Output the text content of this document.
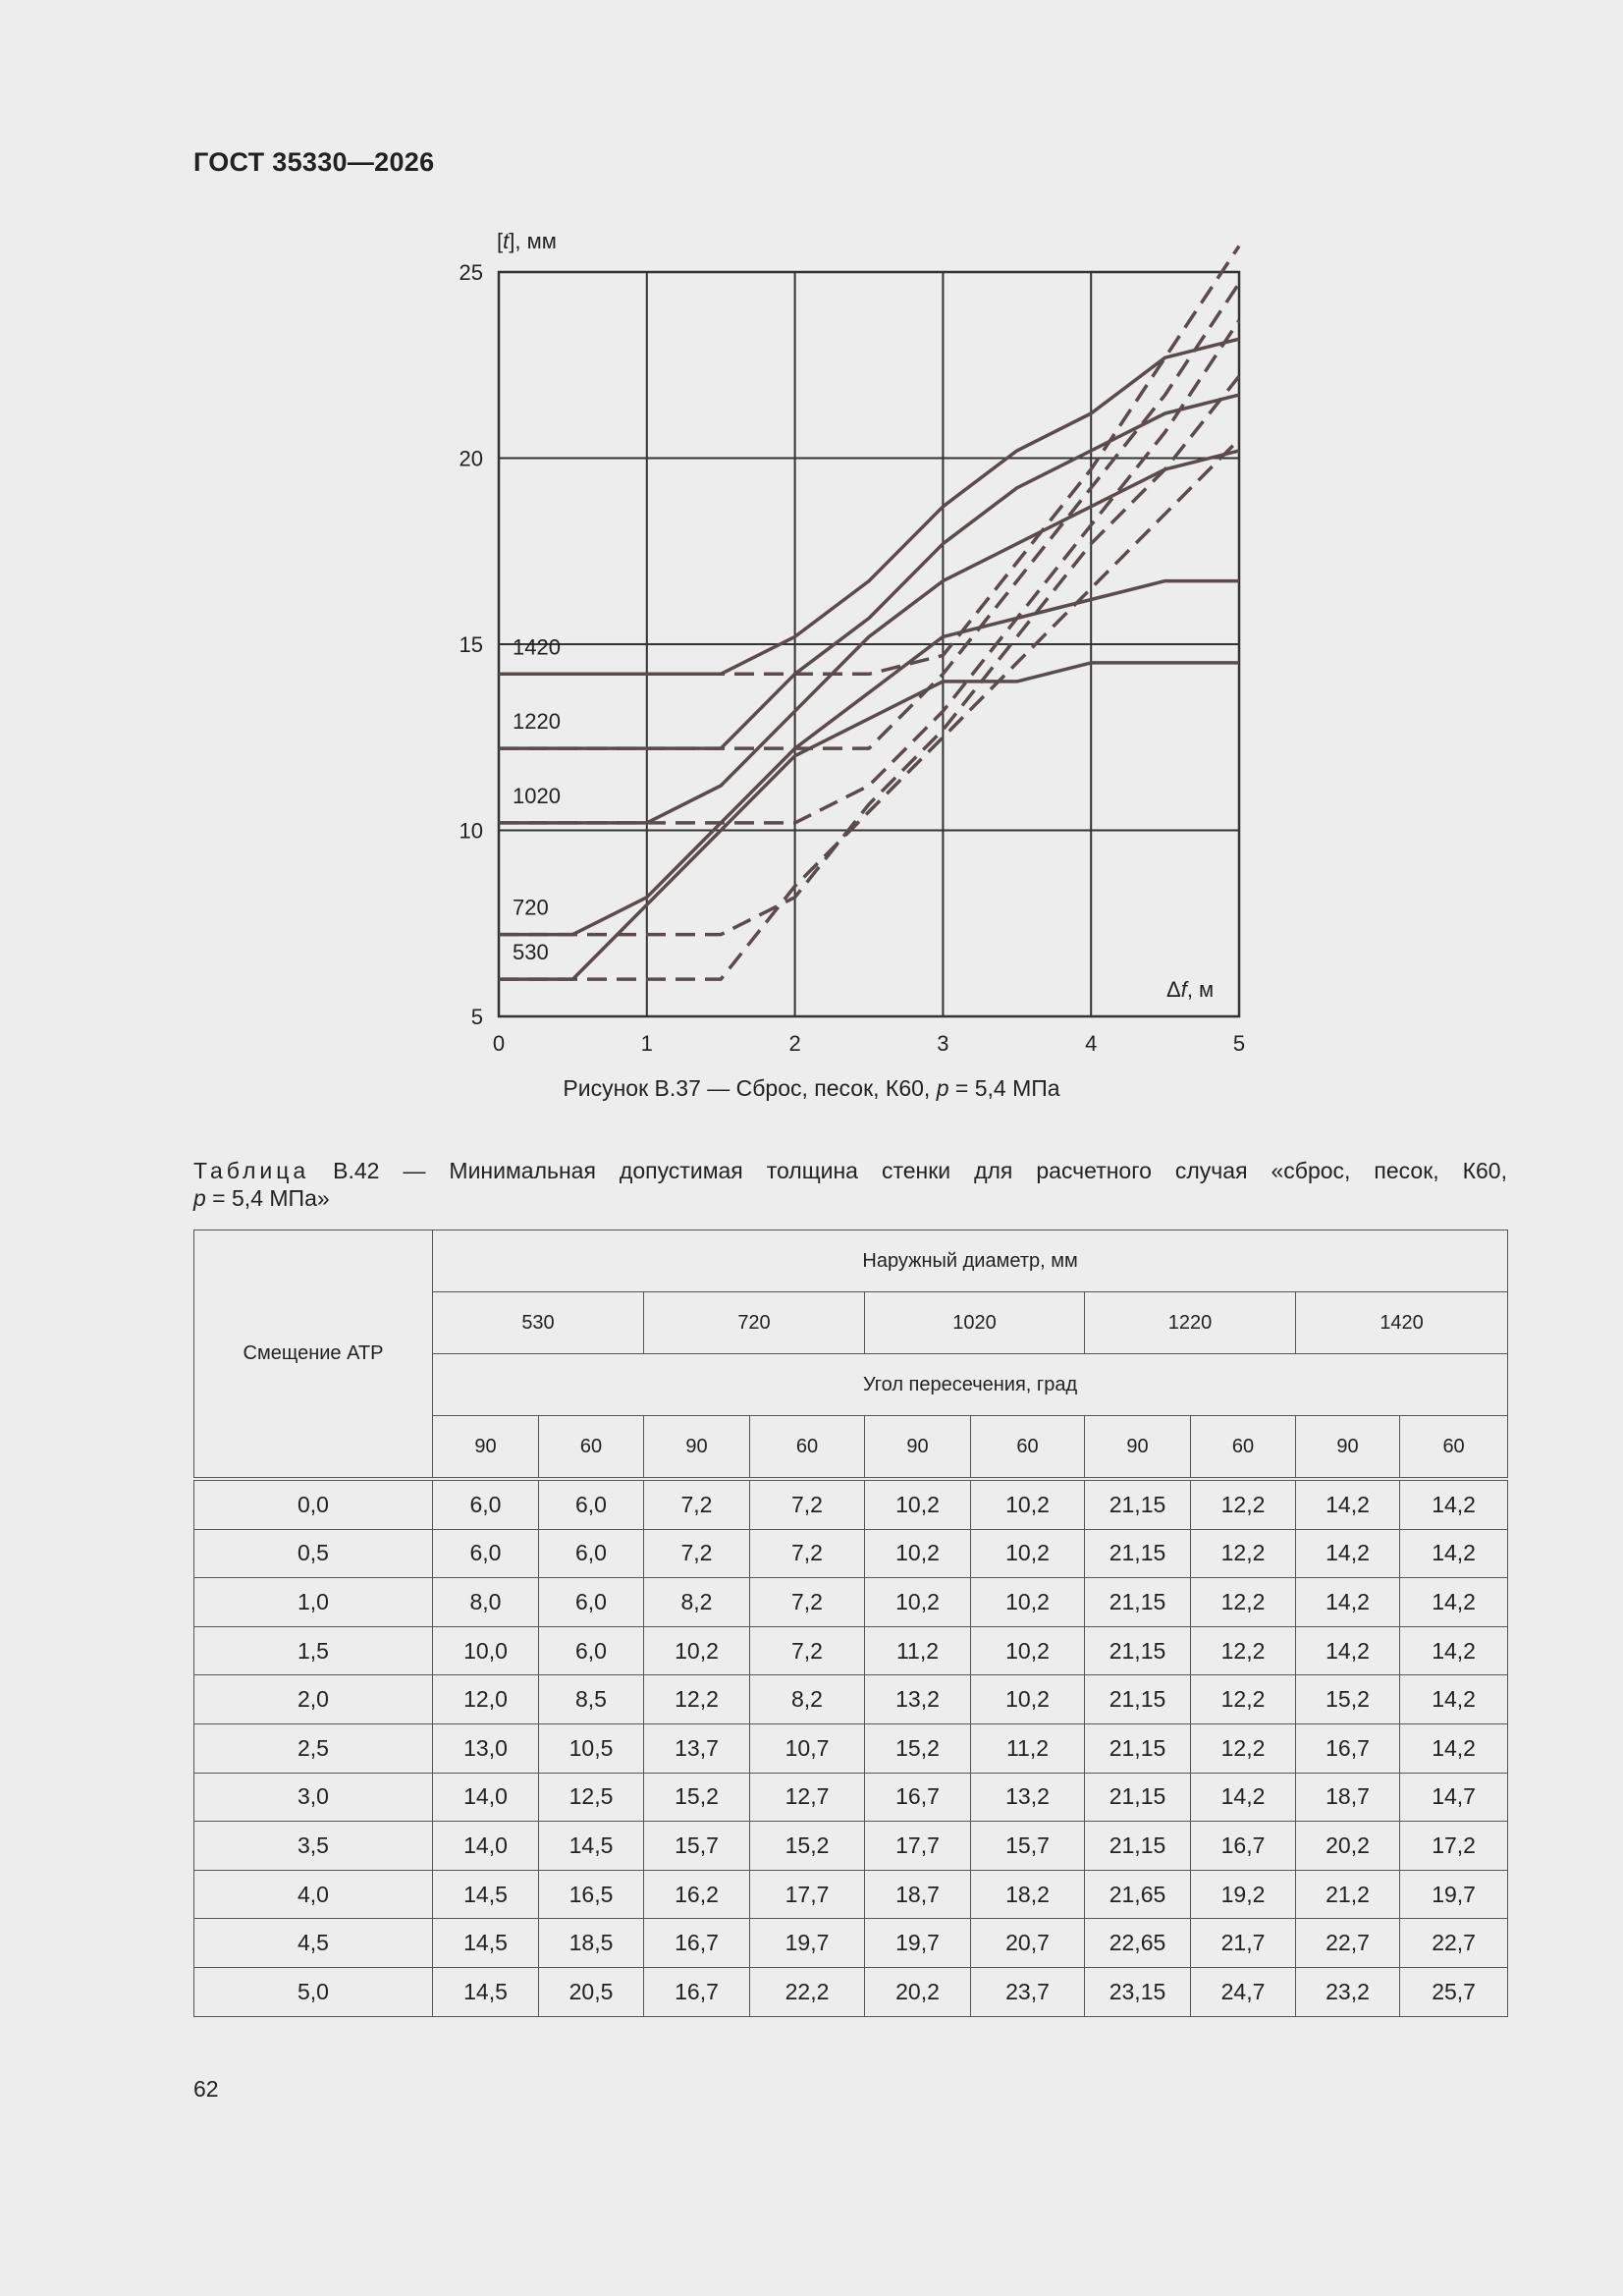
ГОСТ 35330—2026
0	1	2	3	4	5
5
10
15
20
25
530
720
1020
1220
1420
[t], мм
Δf, м
Рисунок В.37 — Сброс, песок, К60, p = 5,4 МПа
Таблица В.42 — Минимальная допустимая толщина стенки для расчетного случая «сброс, песок, К60,
p = 5,4 МПа»
Смещение АТР	Наружный диаметр, мм									
	530		720		1020		1220		1420	
	Угол пересечения, град									
	90	60	90	60	90	60	90	60	90	60
0,0	6,0	6,0	7,2	7,2	10,2	10,2	21,15	12,2	14,2	14,2
0,5	6,0	6,0	7,2	7,2	10,2	10,2	21,15	12,2	14,2	14,2
1,0	8,0	6,0	8,2	7,2	10,2	10,2	21,15	12,2	14,2	14,2
1,5	10,0	6,0	10,2	7,2	11,2	10,2	21,15	12,2	14,2	14,2
2,0	12,0	8,5	12,2	8,2	13,2	10,2	21,15	12,2	15,2	14,2
2,5	13,0	10,5	13,7	10,7	15,2	11,2	21,15	12,2	16,7	14,2
3,0	14,0	12,5	15,2	12,7	16,7	13,2	21,15	14,2	18,7	14,7
3,5	14,0	14,5	15,7	15,2	17,7	15,7	21,15	16,7	20,2	17,2
4,0	14,5	16,5	16,2	17,7	18,7	18,2	21,65	19,2	21,2	19,7
4,5	14,5	18,5	16,7	19,7	19,7	20,7	22,65	21,7	22,7	22,7
5,0	14,5	20,5	16,7	22,2	20,2	23,7	23,15	24,7	23,2	25,7
62
